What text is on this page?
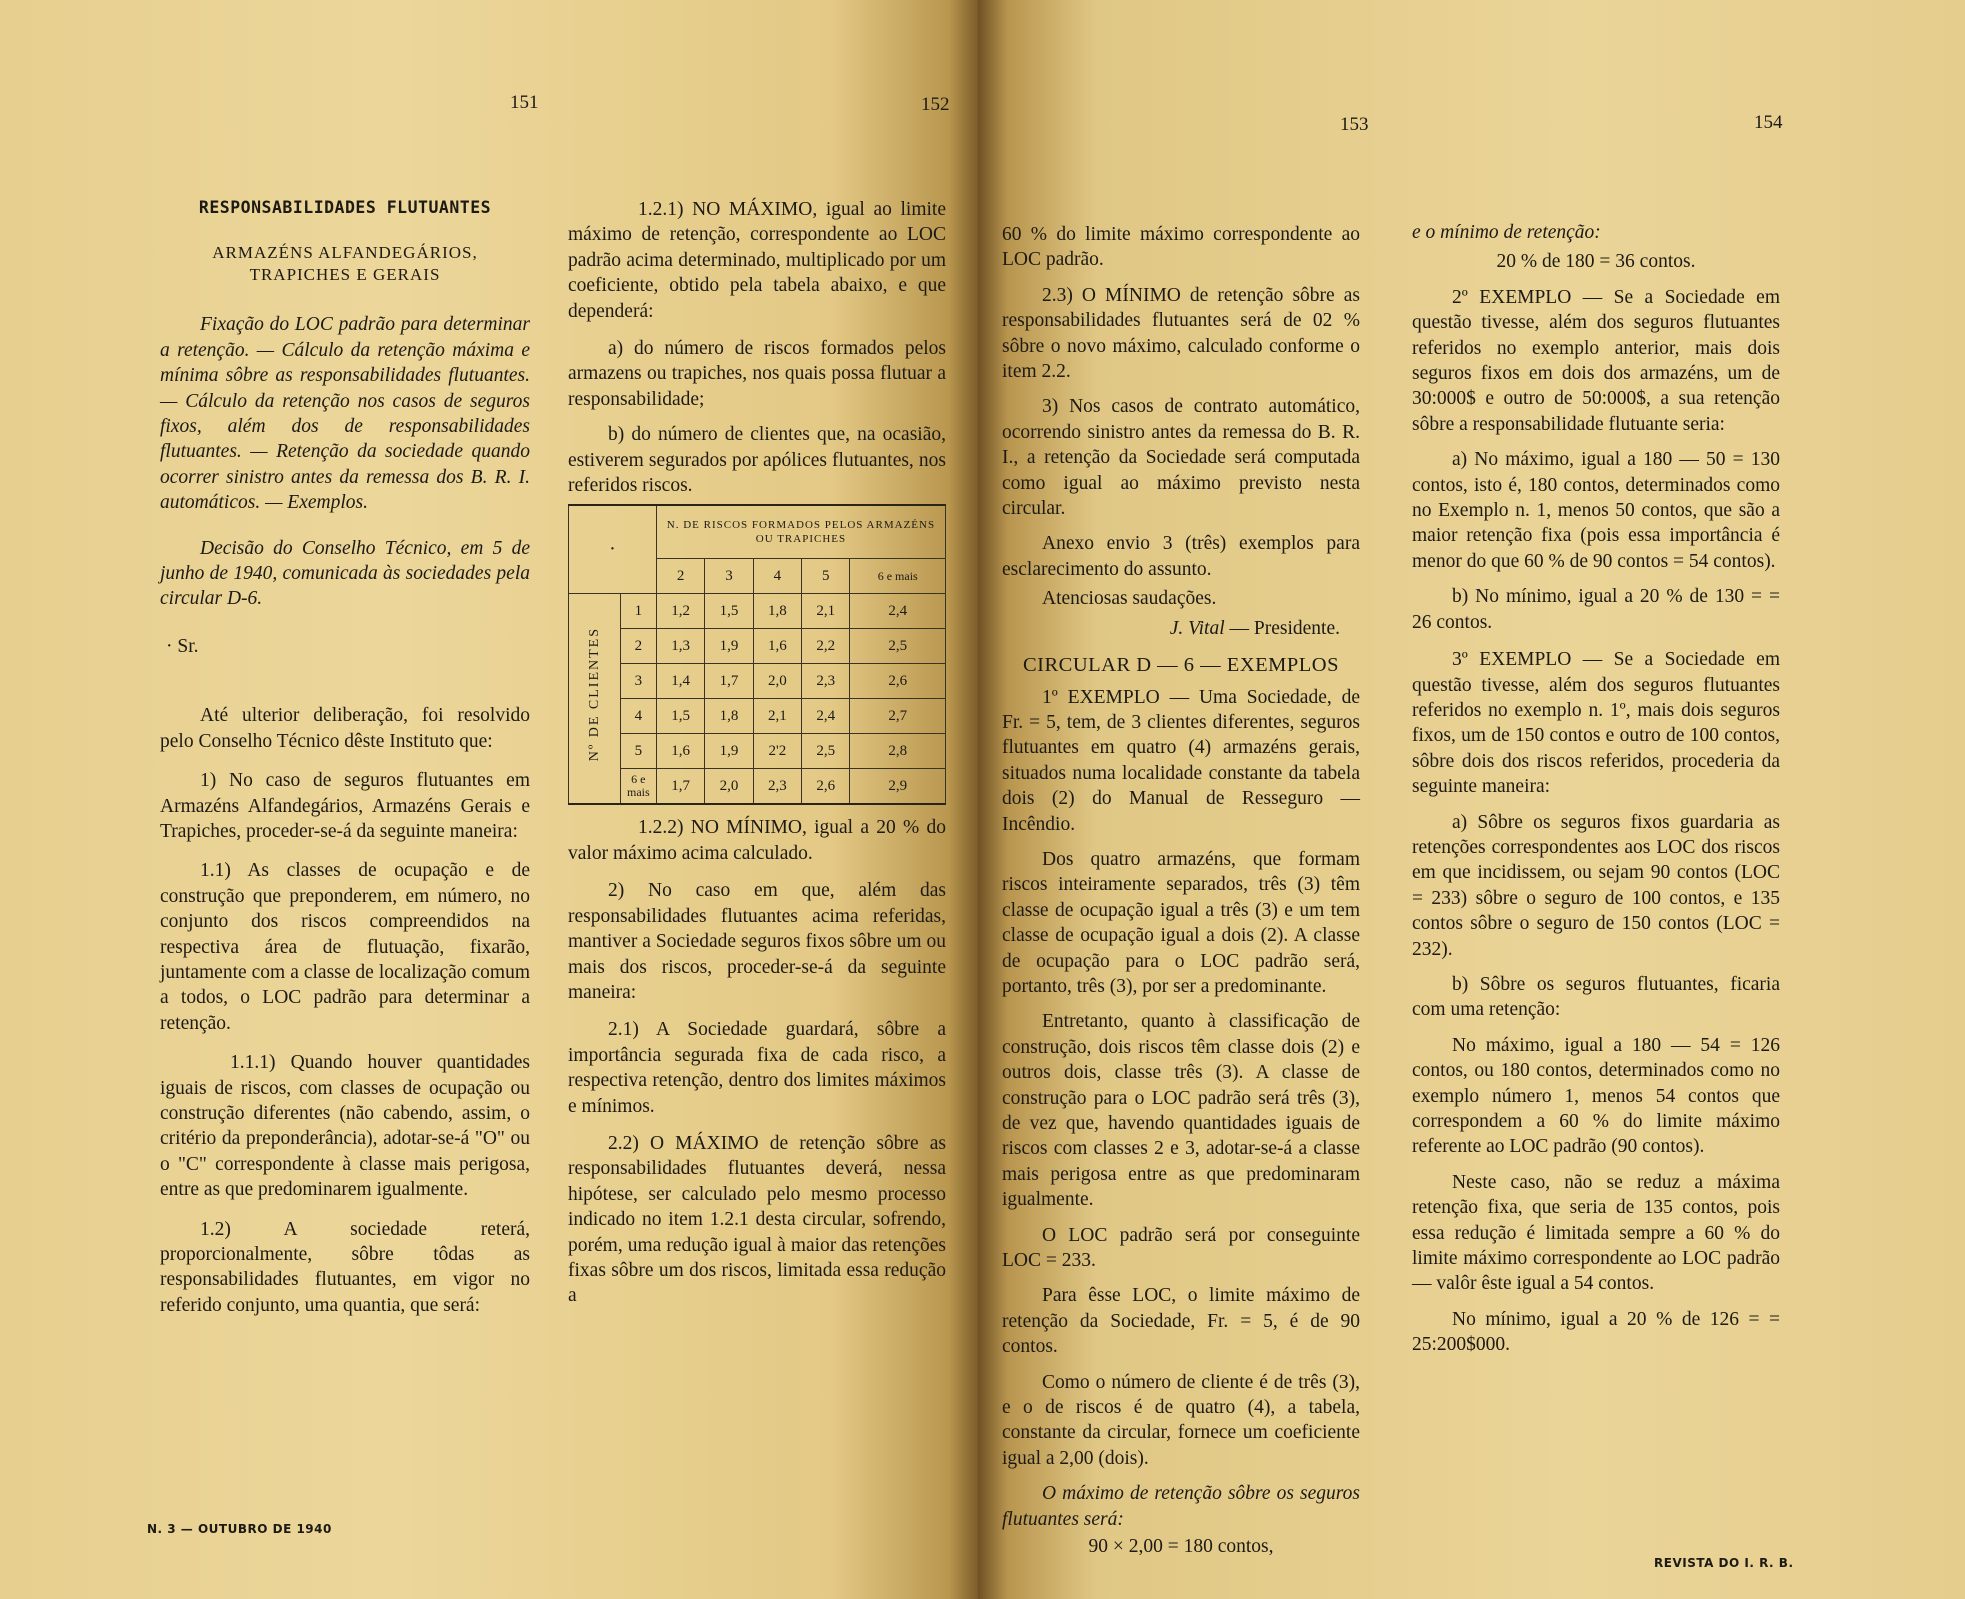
151	152

RESPONSABILIDADES FLUTUANTES

ARMAZÉNS ALFANDEGÁRIOS, TRAPICHES E GERAIS

Fixação do LOC padrão para determinar a retenção. — Cálculo da retenção máxima e mínima sôbre as responsabilidades flutuantes. — Cálculo da retenção nos casos de seguros fixos, além dos de responsabilidades flutuantes. — Retenção da sociedade quando ocorrer sinistro antes da remessa dos B. R. I. automáticos. — Exemplos.

Decisão do Conselho Técnico, em 5 de junho de 1940, comunicada às sociedades pela circular D-6.

· Sr.

Até ulterior deliberação, foi resolvido pelo Conselho Técnico dêste Instituto que:

1) No caso de seguros flutuantes em Armazéns Alfandegários, Armazéns Gerais e Trapiches, proceder-se-á da seguinte maneira:

1.1) As classes de ocupação e de construção que preponderem, em número, no conjunto dos riscos compreendidos na respectiva área de flutuação, fixarão, juntamente com a classe de localização comum a todos, o LOC padrão para determinar a retenção.

1.1.1) Quando houver quantidades iguais de riscos, com classes de ocupação ou construção diferentes (não cabendo, assim, o critério da preponderância), adotar-se-á "O" ou o "C" correspondente à classe mais perigosa, entre as que predominarem igualmente.

1.2) A sociedade reterá, proporcionalmente, sôbre tôdas as responsabilidades flutuantes, em vigor no referido conjunto, uma quantia, que será:

1.2.1) NO MÁXIMO, igual ao limite máximo de retenção, correspondente ao LOC padrão acima determinado, multiplicado por um coeficiente, obtido pela tabela abaixo, e que dependerá:

a) do número de riscos formados pelos armazens ou trapiches, nos quais possa flutuar a responsabilidade;

b) do número de clientes que, na ocasião, estiverem segurados por apólices flutuantes, nos referidos riscos.

·		N. DE RISCOS FORMADOS PELOS ARMAZÉNS OU TRAPICHES				
		2	3	4	5	6 e mais
Nº DE CLIENTES	1	1,2	1,5	1,8	2,1	2,4
	2	1,3	1,9	1,6	2,2	2,5
	3	1,4	1,7	2,0	2,3	2,6
	4	1,5	1,8	2,1	2,4	2,7
	5	1,6	1,9	2'2	2,5	2,8
	6 e mais	1,7	2,0	2,3	2,6	2,9

1.2.2) NO MÍNIMO, igual a 20 % do valor máximo acima calculado.

2) No caso em que, além das responsabilidades flutuantes acima referidas, mantiver a Sociedade seguros fixos sôbre um ou mais dos riscos, proceder-se-á da seguinte maneira:

2.1) A Sociedade guardará, sôbre a importância segurada fixa de cada risco, a respectiva retenção, dentro dos limites máximos e mínimos.

2.2) O MÁXIMO de retenção sôbre as responsabilidades flutuantes deverá, nessa hipótese, ser calculado pelo mesmo processo indicado no item 1.2.1 desta circular, sofrendo, porém, uma redução igual à maior das retenções fixas sôbre um dos riscos, limitada essa redução a

N. 3 — OUTUBRO DE 1940
153	154

60 % do limite máximo correspondente ao LOC padrão.

2.3) O MÍNIMO de retenção sôbre as responsabilidades flutuantes será de 02 % sôbre o novo máximo, calculado conforme o item 2.2.

3) Nos casos de contrato automático, ocorrendo sinistro antes da remessa do B. R. I., a retenção da Sociedade será computada como igual ao máximo previsto nesta circular.

Anexo envio 3 (três) exemplos para esclarecimento do assunto.

Atenciosas saudações.

J. Vital — Presidente.

CIRCULAR D — 6 — EXEMPLOS

1º EXEMPLO — Uma Sociedade, de Fr. = 5, tem, de 3 clientes diferentes, seguros flutuantes em quatro (4) armazéns gerais, situados numa localidade constante da tabela dois (2) do Manual de Resseguro — Incêndio.

Dos quatro armazéns, que formam riscos inteiramente separados, três (3) têm classe de ocupação igual a três (3) e um tem classe de ocupação igual a dois (2). A classe de ocupação para o LOC padrão será, portanto, três (3), por ser a predominante.

Entretanto, quanto à classificação de construção, dois riscos têm classe dois (2) e outros dois, classe três (3). A classe de construção para o LOC padrão será três (3), de vez que, havendo quantidades iguais de riscos com classes 2 e 3, adotar-se-á a classe mais perigosa entre as que predominaram igualmente.

O LOC padrão será por conseguinte LOC = 233.

Para êsse LOC, o limite máximo de retenção da Sociedade, Fr. = 5, é de 90 contos.

Como o número de cliente é de três (3), e o de riscos é de quatro (4), a tabela, constante da circular, fornece um coeficiente igual a 2,00 (dois).

O máximo de retenção sôbre os seguros flutuantes será:

90 × 2,00 = 180 contos,

e o mínimo de retenção:

20 % de 180 = 36 contos.

2º EXEMPLO — Se a Sociedade em questão tivesse, além dos seguros flutuantes referidos no exemplo anterior, mais dois seguros fixos em dois dos armazéns, um de 30:000$ e outro de 50:000$, a sua retenção sôbre a responsabilidade flutuante seria:

a) No máximo, igual a 180 — 50 = 130 contos, isto é, 180 contos, determinados como no Exemplo n. 1, menos 50 contos, que são a maior retenção fixa (pois essa importância é menor do que 60 % de 90 contos = 54 contos).

b) No mínimo, igual a 20 % de 130 = = 26 contos.

3º EXEMPLO — Se a Sociedade em questão tivesse, além dos seguros flutuantes referidos no exemplo n. 1º, mais dois seguros fixos, um de 150 contos e outro de 100 contos, sôbre dois dos riscos referidos, procederia da seguinte maneira:

a) Sôbre os seguros fixos guardaria as retenções correspondentes aos LOC dos riscos em que incidissem, ou sejam 90 contos (LOC = 233) sôbre o seguro de 100 contos, e 135 contos sôbre o seguro de 150 contos (LOC = 232).

b) Sôbre os seguros flutuantes, ficaria com uma retenção:

No máximo, igual a 180 — 54 = 126 contos, ou 180 contos, determinados como no exemplo número 1, menos 54 contos que correspondem a 60 % do limite máximo referente ao LOC padrão (90 contos).

Neste caso, não se reduz a máxima retenção fixa, que seria de 135 contos, pois essa redução é limitada sempre a 60 % do limite máximo correspondente ao LOC padrão — valôr êste igual a 54 contos.

No mínimo, igual a 20 % de 126 = = 25:200$000.

REVISTA DO I. R. B.
